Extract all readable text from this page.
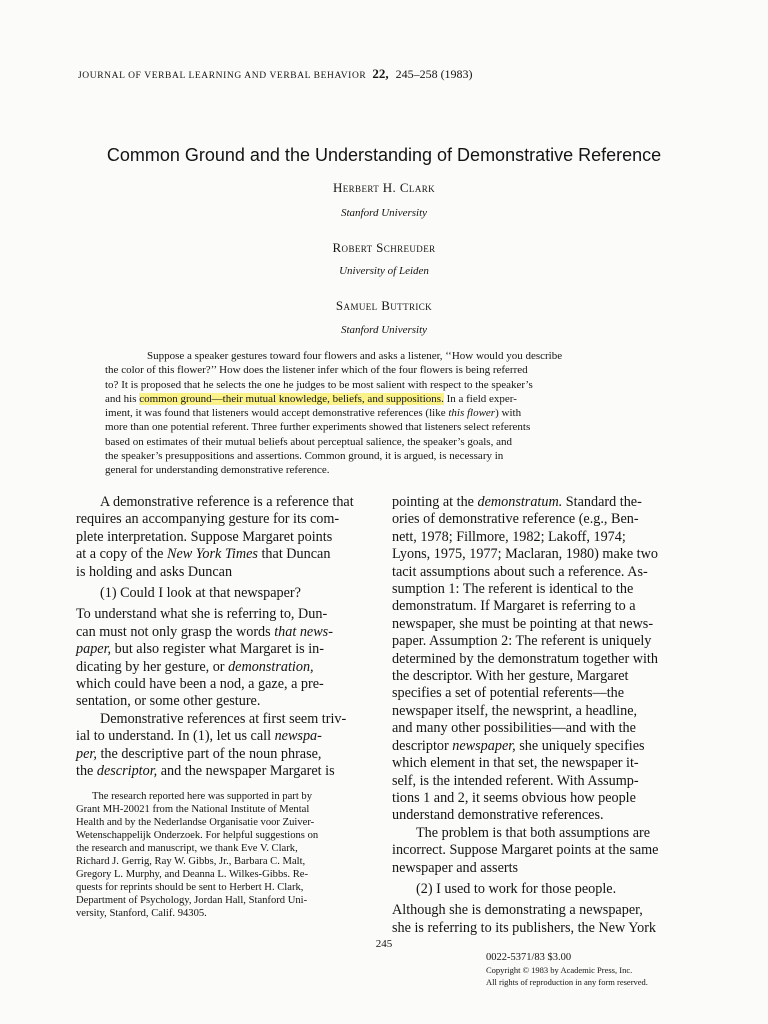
JOURNAL OF VERBAL LEARNING AND VERBAL BEHAVIOR 22, 245–258 (1983)
Common Ground and the Understanding of Demonstrative Reference
Herbert H. Clark
Stanford University
Robert Schreuder
University of Leiden
Samuel Buttrick
Stanford University
Suppose a speaker gestures toward four flowers and asks a listener, ‘‘How would you describe
the color of this flower?’’ How does the listener infer which of the four flowers is being referred
to? It is proposed that he selects the one he judges to be most salient with respect to the speaker’s
and his common ground—their mutual knowledge, beliefs, and suppositions. In a field exper-
iment, it was found that listeners would accept demonstrative references (like this flower) with
more than one potential referent. Three further experiments showed that listeners select referents
based on estimates of their mutual beliefs about perceptual salience, the speaker’s goals, and
the speaker’s presuppositions and assertions. Common ground, it is argued, is necessary in
general for understanding demonstrative reference.
A demonstrative reference is a reference that
requires an accompanying gesture for its com-
plete interpretation. Suppose Margaret points
at a copy of the New York Times that Duncan
is holding and asks Duncan
(1) Could I look at that newspaper?
To understand what she is referring to, Dun-
can must not only grasp the words that news-
paper, but also register what Margaret is in-
dicating by her gesture, or demonstration,
which could have been a nod, a gaze, a pre-
sentation, or some other gesture.
Demonstrative references at first seem triv-
ial to understand. In (1), let us call newspa-
per, the descriptive part of the noun phrase,
the descriptor, and the newspaper Margaret is
The research reported here was supported in part by
Grant MH-20021 from the National Institute of Mental
Health and by the Nederlandse Organisatie voor Zuiver-
Wetenschappelijk Onderzoek. For helpful suggestions on
the research and manuscript, we thank Eve V. Clark,
Richard J. Gerrig, Ray W. Gibbs, Jr., Barbara C. Malt,
Gregory L. Murphy, and Deanna L. Wilkes-Gibbs. Re-
quests for reprints should be sent to Herbert H. Clark,
Department of Psychology, Jordan Hall, Stanford Uni-
versity, Stanford, Calif. 94305.
pointing at the demonstratum. Standard the-
ories of demonstrative reference (e.g., Ben-
nett, 1978; Fillmore, 1982; Lakoff, 1974;
Lyons, 1975, 1977; Maclaran, 1980) make two
tacit assumptions about such a reference. As-
sumption 1: The referent is identical to the
demonstratum. If Margaret is referring to a
newspaper, she must be pointing at that news-
paper. Assumption 2: The referent is uniquely
determined by the demonstratum together with
the descriptor. With her gesture, Margaret
specifies a set of potential referents—the
newspaper itself, the newsprint, a headline,
and many other possibilities—and with the
descriptor newspaper, she uniquely specifies
which element in that set, the newspaper it-
self, is the intended referent. With Assump-
tions 1 and 2, it seems obvious how people
understand demonstrative references.
The problem is that both assumptions are
incorrect. Suppose Margaret points at the same
newspaper and asserts
(2) I used to work for those people.
Although she is demonstrating a newspaper,
she is referring to its publishers, the New York
245
0022-5371/83 $3.00
Copyright © 1983 by Academic Press, Inc.
All rights of reproduction in any form reserved.
